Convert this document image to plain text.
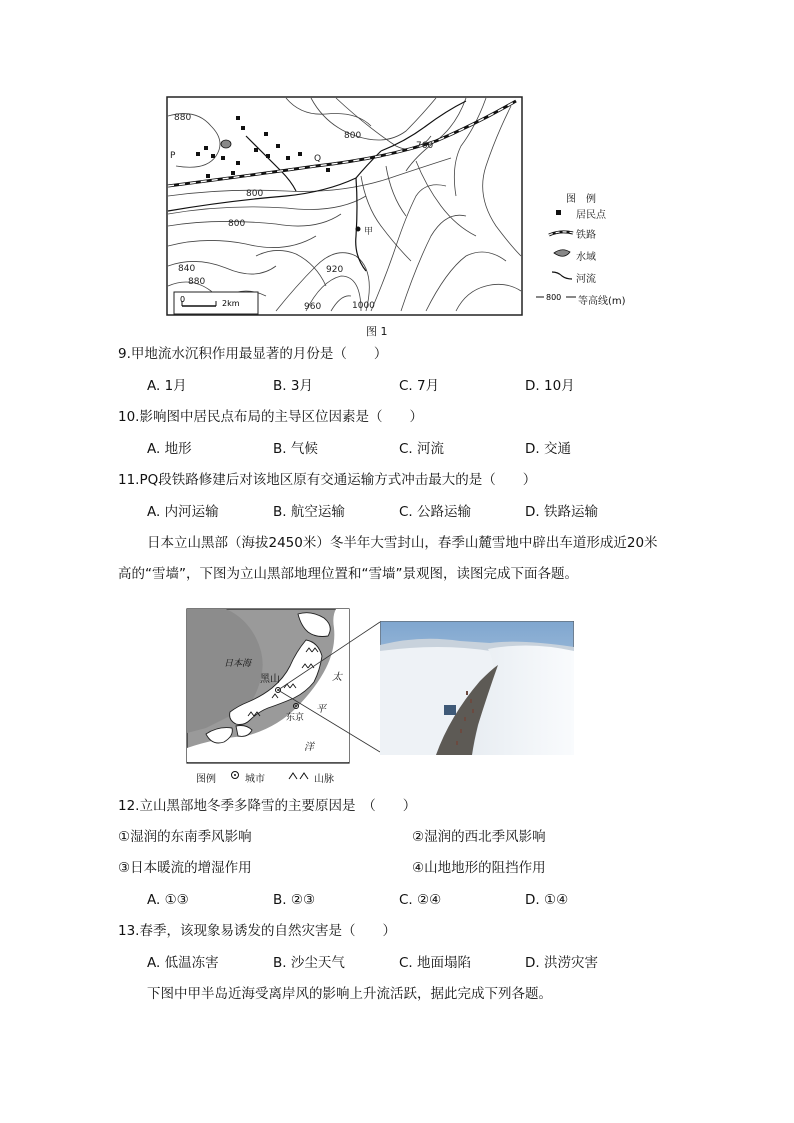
880
800
760
800
800
840
880
920
960	1000
P	Q
甲
0	2km
图　例
居民点
铁路
水域
河流
800 等高线(m)
图 1
9.甲地流水沉积作用最显著的月份是（　　）
A. 1月	B. 3月	C. 7月	D. 10月
10.影响图中居民点布局的主导区位因素是（　　）
A. 地形	B. 气候	C. 河流	D. 交通
11.PQ段铁路修建后对该地区原有交通运输方式冲击最大的是（　　）
A. 内河运输	B. 航空运输	C. 公路运输	D. 铁路运输
日本立山黑部（海拔2450米）冬半年大雪封山，春季山麓雪地中辟出车道形成近20米
高的“雪墙”，下图为立山黑部地理位置和“雪墙”景观图，读图完成下面各题。
日本海
黑山
东京
太
平
洋
图例	城市	山脉
12.立山黑部地冬季多降雪的主要原因是　（　　）
①湿润的东南季风影响	②湿润的西北季风影响
③日本暖流的增湿作用	④山地地形的阻挡作用
A. ①③	B. ②③	C. ②④	D. ①④
13.春季，该现象易诱发的自然灾害是（　　）
A. 低温冻害	B. 沙尘天气	C. 地面塌陷	D. 洪涝灾害
下图中甲半岛近海受离岸风的影响上升流活跃，据此完成下列各题。
